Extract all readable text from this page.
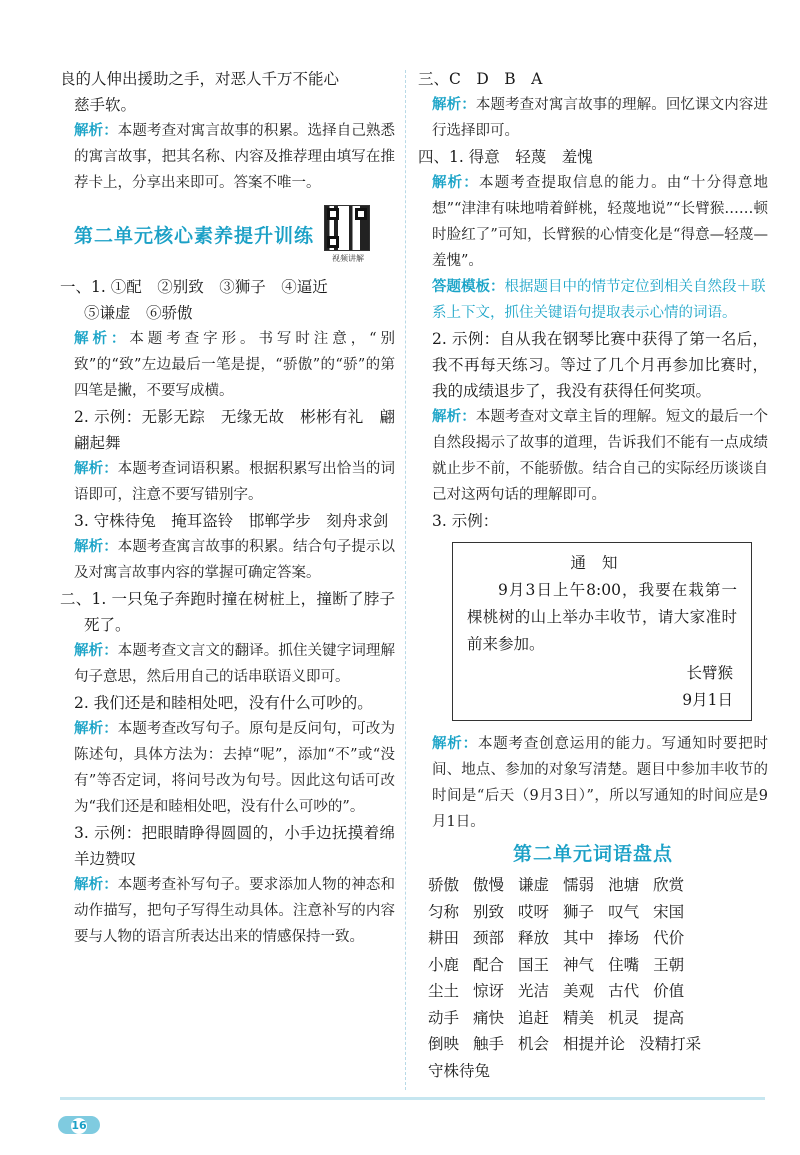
良的人伸出援助之手，对恶人千万不能心

慈手软。

解析：本题考查对寓言故事的积累。选择自己熟悉的寓言故事，把其名称、内容及推荐理由填写在推荐卡上，分享出来即可。答案不唯一。

第二单元核心素养提升训练
视频讲解

一、1. ①配　②别致　③狮子　④逼近

⑤谦虚　⑥骄傲

解析：本题考查字形。书写时注意，“别致”的“致”左边最后一笔是提，“骄傲”的“骄”的第四笔是撇，不要写成横。

2. 示例：无影无踪　无缘无故　彬彬有礼　翩翩起舞

解析：本题考查词语积累。根据积累写出恰当的词语即可，注意不要写错别字。

3. 守株待兔　掩耳盗铃　邯郸学步　刻舟求剑

解析：本题考查寓言故事的积累。结合句子提示以及对寓言故事内容的掌握可确定答案。

二、1. 一只兔子奔跑时撞在树桩上，撞断了脖子死了。

解析：本题考查文言文的翻译。抓住关键字词理解句子意思，然后用自己的话串联语义即可。

2. 我们还是和睦相处吧，没有什么可吵的。

解析：本题考查改写句子。原句是反问句，可改为陈述句，具体方法为：去掉“呢”，添加“不”或“没有”等否定词，将问号改为句号。因此这句话可改为“我们还是和睦相处吧，没有什么可吵的”。

3. 示例：把眼睛睁得圆圆的，小手边抚摸着绵羊边赞叹

解析：本题考查补写句子。要求添加人物的神态和动作描写，把句子写得生动具体。注意补写的内容要与人物的语言所表达出来的情感保持一致。

三、C　D　B　A

解析：本题考查对寓言故事的理解。回忆课文内容进行选择即可。

四、1. 得意　轻蔑　羞愧

解析：本题考查提取信息的能力。由“十分得意地想”“津津有味地啃着鲜桃，轻蔑地说”“长臂猴……顿时脸红了”可知，长臂猴的心情变化是“得意—轻蔑—羞愧”。

答题模板：根据题目中的情节定位到相关自然段＋联系上下文，抓住关键语句提取表示心情的词语。

2. 示例：自从我在钢琴比赛中获得了第一名后，我不再每天练习。等过了几个月再参加比赛时，我的成绩退步了，我没有获得任何奖项。

解析：本题考查对文章主旨的理解。短文的最后一个自然段揭示了故事的道理，告诉我们不能有一点成绩就止步不前，不能骄傲。结合自己的实际经历谈谈自己对这两句话的理解即可。

3. 示例：

通知

9月3日上午8:00，我要在栽第一棵桃树的山上举办丰收节，请大家准时前来参加。

长臂猴
9月1日

解析：本题考查创意运用的能力。写通知时要把时间、地点、参加的对象写清楚。题目中参加丰收节的时间是“后天（9月3日）”，所以写通知的时间应是9月1日。

第二单元词语盘点
骄傲 傲慢 谦虚 懦弱 池塘 欣赏
匀称 别致 哎呀 狮子 叹气 宋国
耕田 颈部 释放 其中 捧场 代价
小鹿 配合 国王 神气 住嘴 王朝
尘土 惊讶 光洁 美观 古代 价值
动手 痛快 追赶 精美 机灵 提高
倒映 触手 机会 相提并论 没精打采
守株待兔
16
